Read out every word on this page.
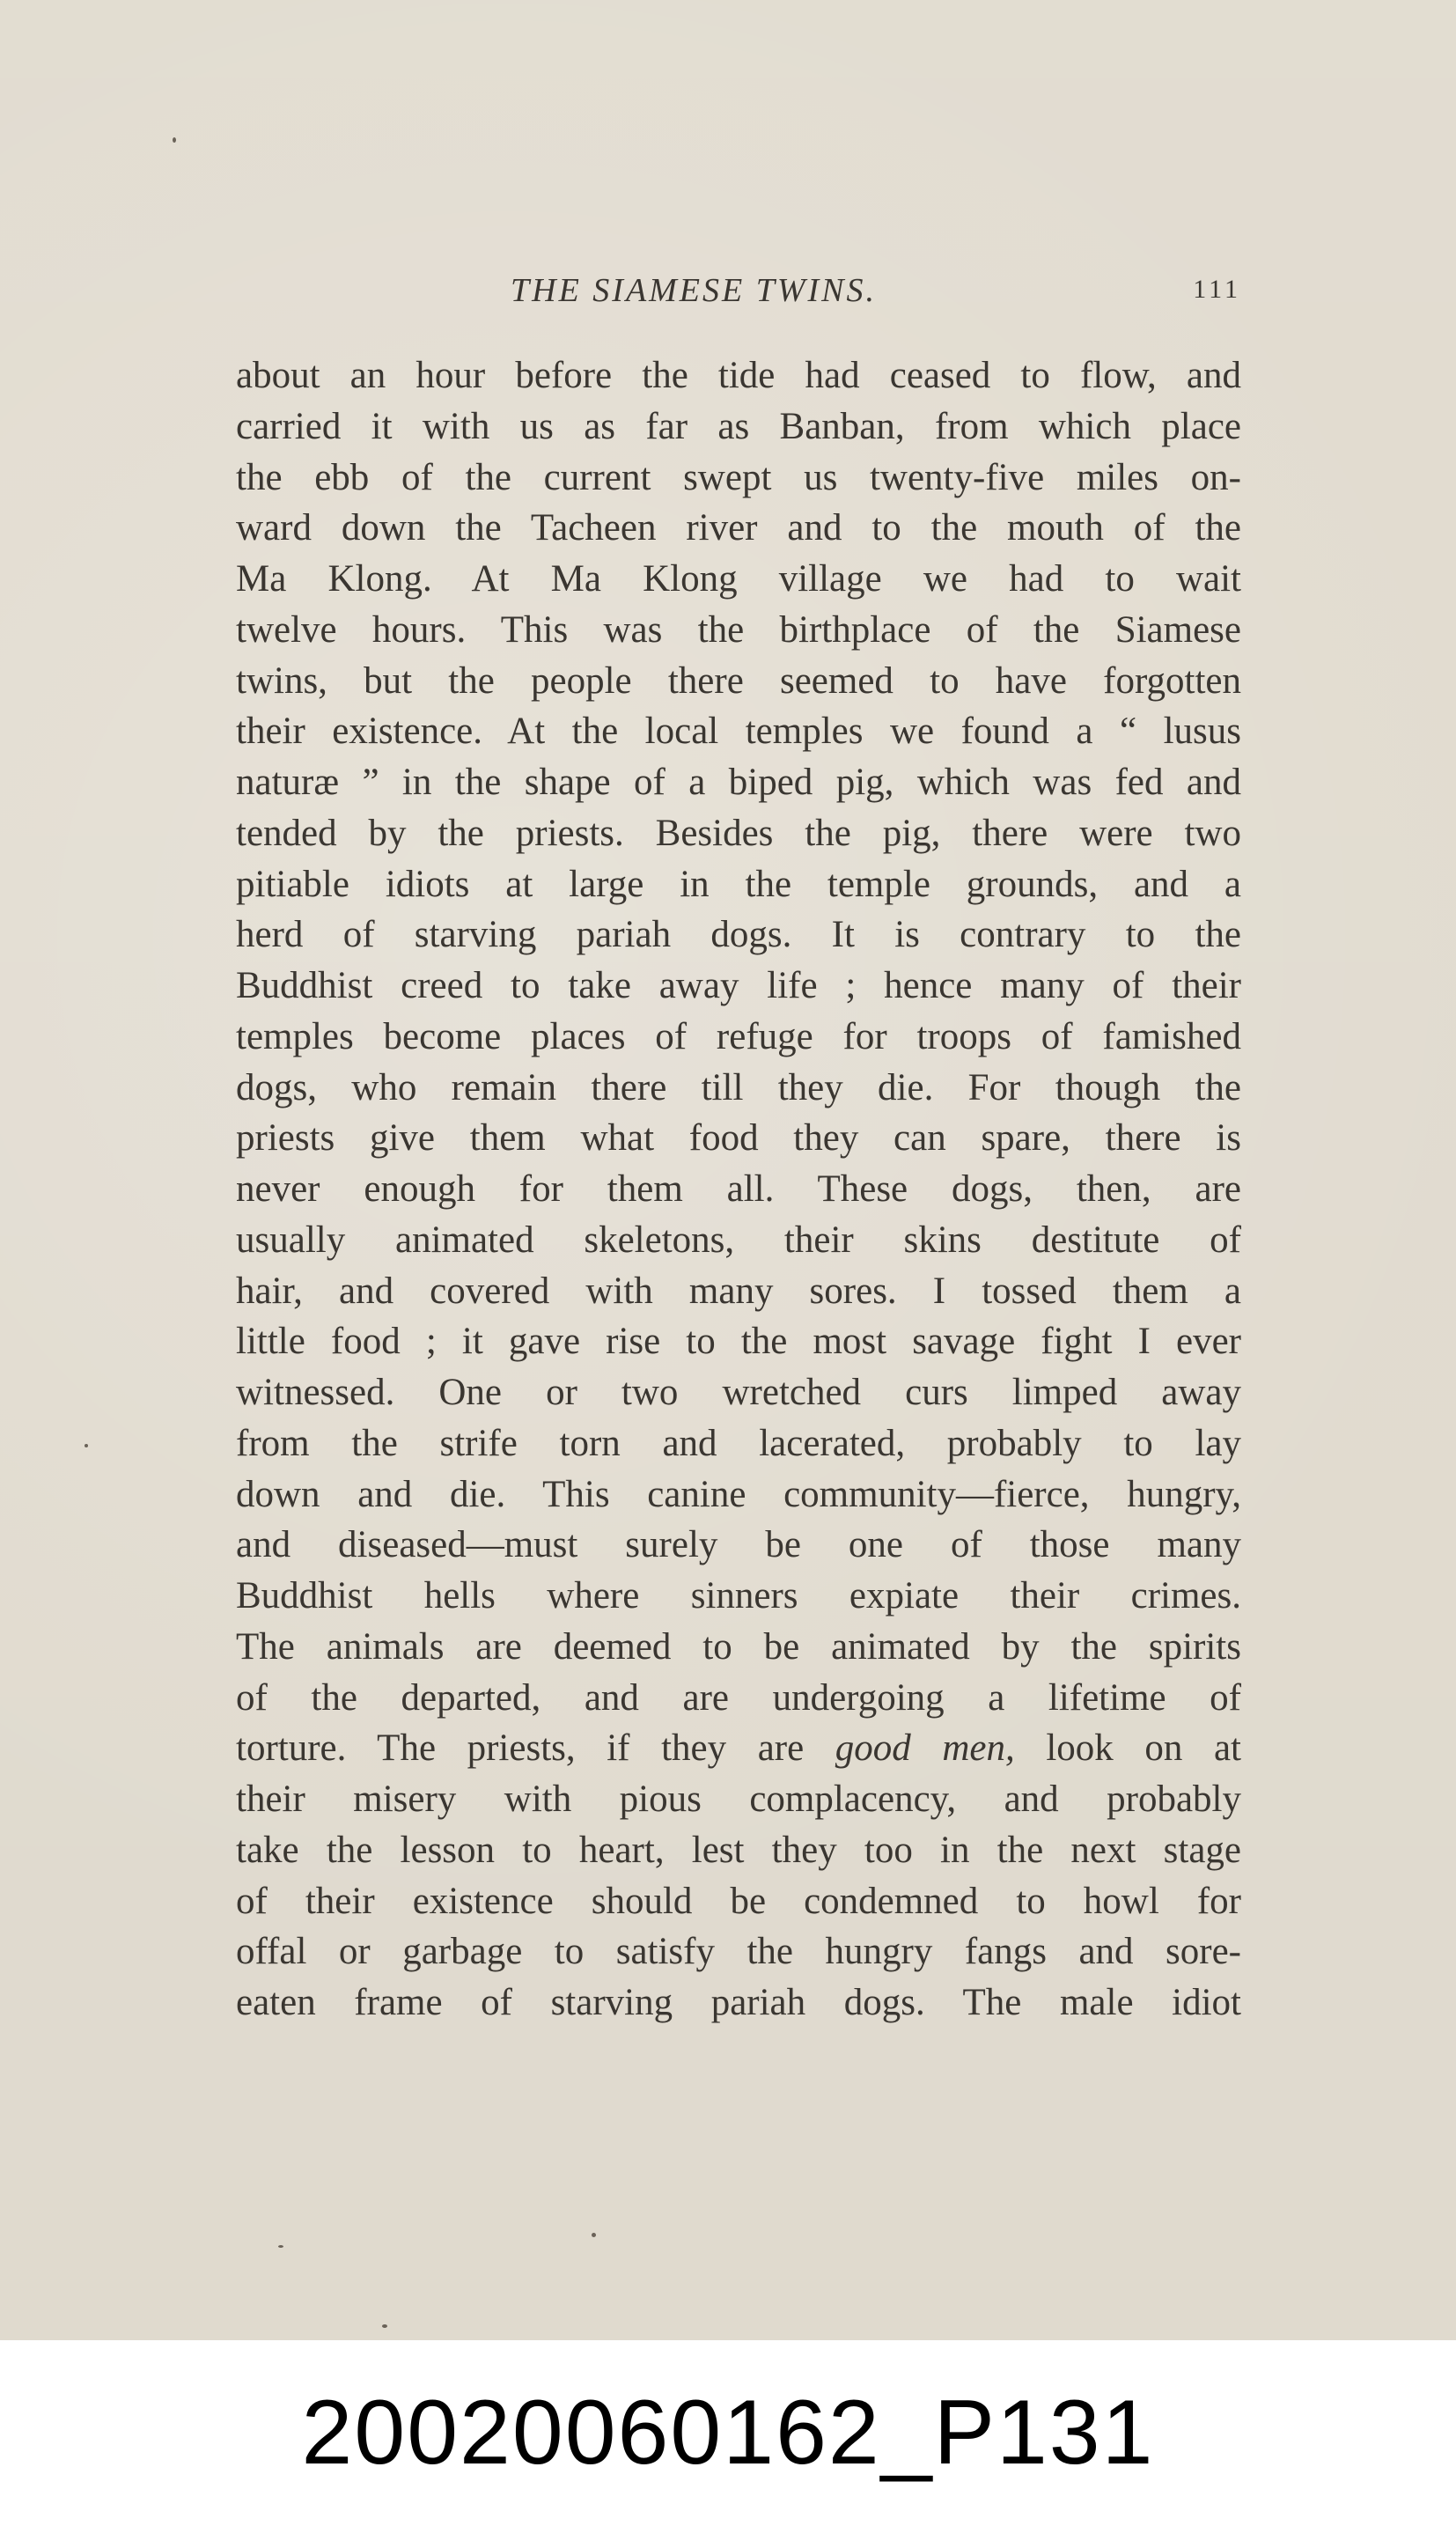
THE SIAMESE TWINS.	111
about an hour before the tide had ceased to flow, and
carried it with us as far as Banban, from which place
the ebb of the current swept us twenty-five miles on-
ward down the Tacheen river and to the mouth of the
Ma Klong. At Ma Klong village we had to wait
twelve hours. This was the birthplace of the Siamese
twins, but the people there seemed to have forgotten
their existence. At the local temples we found a “ lusus
naturæ ” in the shape of a biped pig, which was fed and
tended by the priests. Besides the pig, there were two
pitiable idiots at large in the temple grounds, and a
herd of starving pariah dogs. It is contrary to the
Buddhist creed to take away life ; hence many of their
temples become places of refuge for troops of famished
dogs, who remain there till they die. For though the
priests give them what food they can spare, there is
never enough for them all. These dogs, then, are
usually animated skeletons, their skins destitute of
hair, and covered with many sores. I tossed them a
little food ; it gave rise to the most savage fight I ever
witnessed. One or two wretched curs limped away
from the strife torn and lacerated, probably to lay
down and die. This canine community—fierce, hungry,
and diseased—must surely be one of those many
Buddhist hells where sinners expiate their crimes.
The animals are deemed to be animated by the spirits
of the departed, and are undergoing a lifetime of
torture. The priests, if they are good men, look on at
their misery with pious complacency, and probably
take the lesson to heart, lest they too in the next stage
of their existence should be condemned to howl for
offal or garbage to satisfy the hungry fangs and sore-
eaten frame of starving pariah dogs. The male idiot
20020060162_P131
